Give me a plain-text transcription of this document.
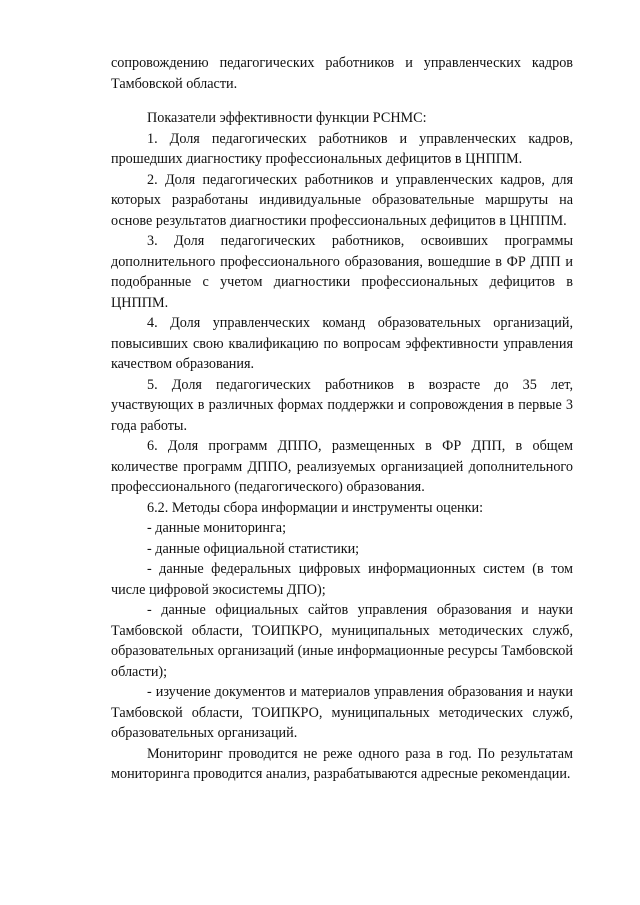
сопровождению педагогических работников и управленческих кадров Тамбовской области.

Показатели эффективности функции РСНМС:

1. Доля педагогических работников и управленческих кадров, прошедших диагностику профессиональных дефицитов в ЦНППМ.

2. Доля педагогических работников и управленческих кадров, для которых разработаны индивидуальные образовательные маршруты на основе результатов диагностики профессиональных дефицитов в ЦНППМ.

3. Доля педагогических работников, освоивших программы дополнительного профессионального образования, вошедшие в ФР ДПП и подобранные с учетом диагностики профессиональных дефицитов в ЦНППМ.

4. Доля управленческих команд образовательных организаций, повысивших свою квалификацию по вопросам эффективности управления качеством образования.

5. Доля педагогических работников в возрасте до 35 лет, участвующих в различных формах поддержки и сопровождения в первые 3 года работы.

6. Доля программ ДППО, размещенных в ФР ДПП, в общем количестве программ ДППО, реализуемых организацией дополнительного профессионального (педагогического) образования.

6.2. Методы сбора информации и инструменты оценки:

- данные мониторинга;

- данные официальной статистики;

- данные федеральных цифровых информационных систем (в том числе цифровой экосистемы ДПО);

- данные официальных сайтов управления образования и науки Тамбовской области, ТОИПКРО, муниципальных методических служб, образовательных организаций (иные информационные ресурсы Тамбовской области);

- изучение документов и материалов управления образования и науки Тамбовской области, ТОИПКРО, муниципальных методических служб, образовательных организаций.

Мониторинг проводится не реже одного раза в год. По результатам мониторинга проводится анализ, разрабатываются адресные рекомендации.
